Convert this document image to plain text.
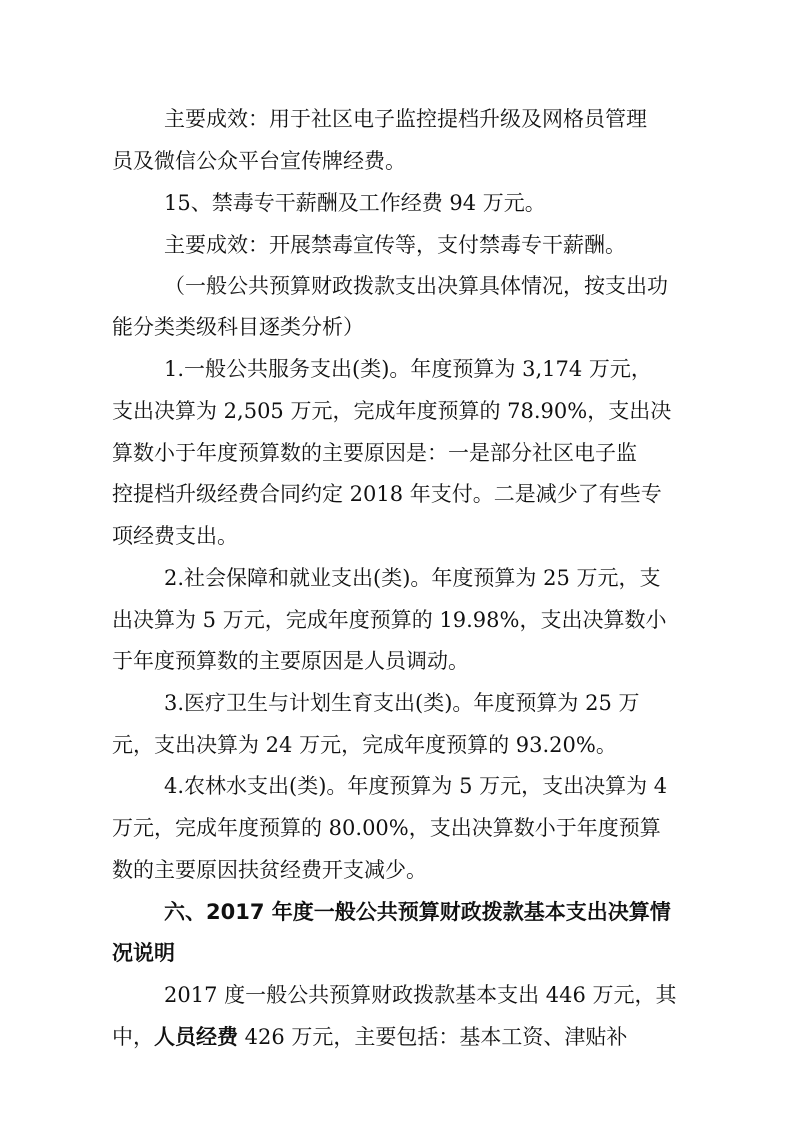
主要成效：用于社区电子监控提档升级及网格员管理
员及微信公众平台宣传牌经费。
15、禁毒专干薪酬及工作经费 94 万元。
主要成效：开展禁毒宣传等，支付禁毒专干薪酬。
（一般公共预算财政拨款支出决算具体情况，按支出功
能分类类级科目逐类分析）
1.一般公共服务支出(类)。年度预算为 3,174 万元，
支出决算为 2,505 万元，完成年度预算的 78.90%，支出决
算数小于年度预算数的主要原因是：一是部分社区电子监
控提档升级经费合同约定 2018 年支付。二是减少了有些专
项经费支出。
2.社会保障和就业支出(类)。年度预算为 25 万元，支
出决算为 5 万元，完成年度预算的 19.98%，支出决算数小
于年度预算数的主要原因是人员调动。
3.医疗卫生与计划生育支出(类)。年度预算为 25 万
元，支出决算为 24 万元，完成年度预算的 93.20%。
4.农林水支出(类)。年度预算为 5 万元，支出决算为 4
万元，完成年度预算的 80.00%，支出决算数小于年度预算
数的主要原因扶贫经费开支减少。
六、2017 年度一般公共预算财政拨款基本支出决算情
况说明
2017 度一般公共预算财政拨款基本支出 446 万元，其
中，人员经费 426 万元，主要包括：基本工资、津贴补
